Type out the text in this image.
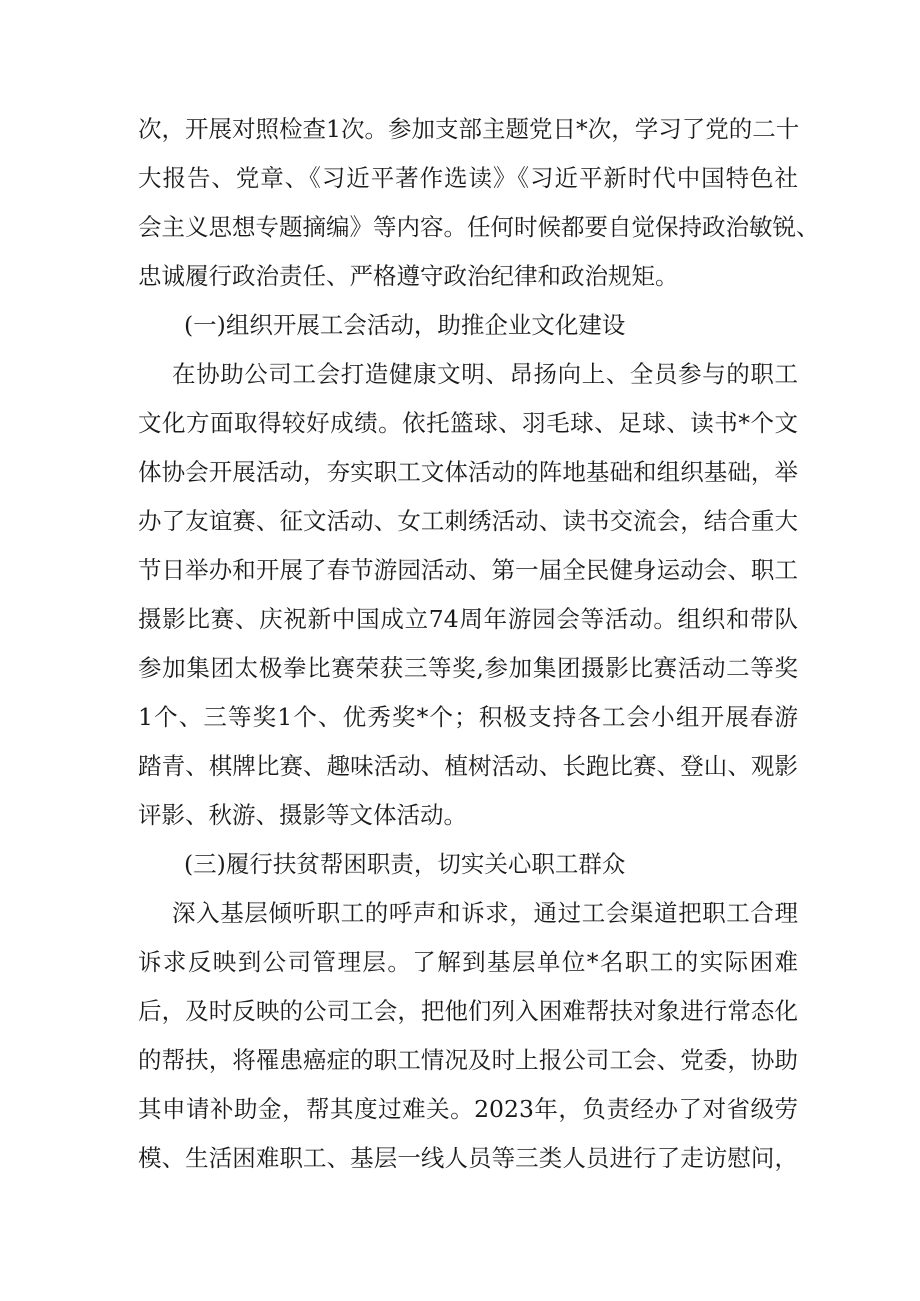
次，开展对照检查1次。参加支部主题党日*次，学习了党的二十
大报告、党章、《习近平著作选读》《习近平新时代中国特色社
会主义思想专题摘编》等内容。任何时候都要自觉保持政治敏锐、
忠诚履行政治责任、严格遵守政治纪律和政治规矩。
(一)组织开展工会活动，助推企业文化建设
在协助公司工会打造健康文明、昂扬向上、全员参与的职工
文化方面取得较好成绩。依托篮球、羽毛球、足球、读书*个文
体协会开展活动，夯实职工文体活动的阵地基础和组织基础，举
办了友谊赛、征文活动、女工刺绣活动、读书交流会，结合重大
节日举办和开展了春节游园活动、第一届全民健身运动会、职工
摄影比赛、庆祝新中国成立74周年游园会等活动。组织和带队
参加集团太极拳比赛荣获三等奖,参加集团摄影比赛活动二等奖
1个、三等奖1个、优秀奖*个；积极支持各工会小组开展春游
踏青、棋牌比赛、趣味活动、植树活动、长跑比赛、登山、观影
评影、秋游、摄影等文体活动。
(三)履行扶贫帮困职责，切实关心职工群众
深入基层倾听职工的呼声和诉求，通过工会渠道把职工合理
诉求反映到公司管理层。了解到基层单位*名职工的实际困难
后，及时反映的公司工会，把他们列入困难帮扶对象进行常态化
的帮扶，将罹患癌症的职工情况及时上报公司工会、党委，协助
其申请补助金，帮其度过难关。2023年，负责经办了对省级劳
模、生活困难职工、基层一线人员等三类人员进行了走访慰问，
